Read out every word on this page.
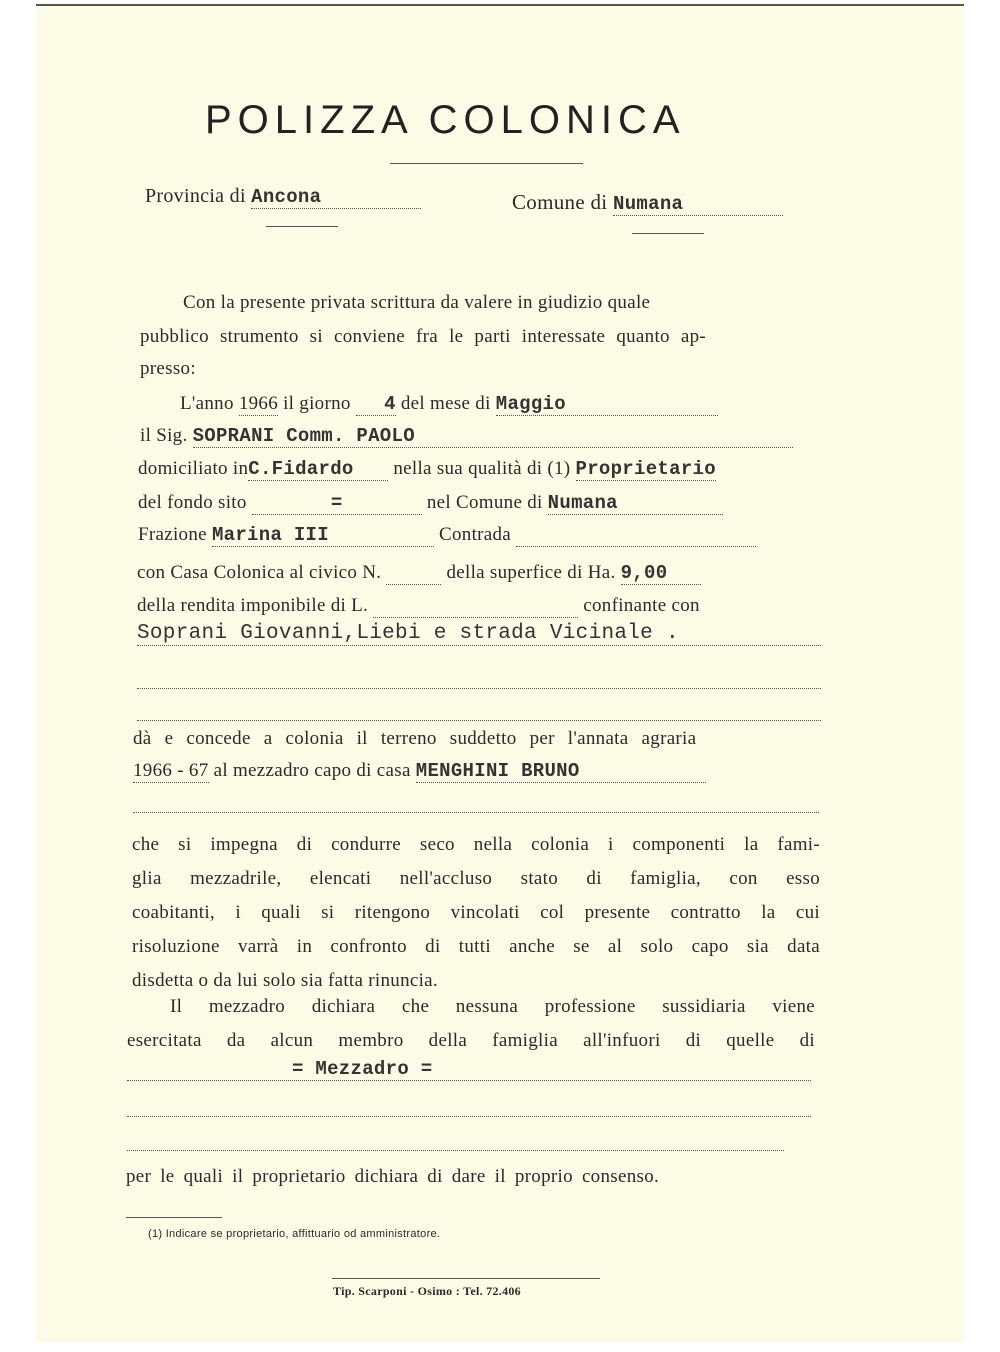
POLIZZA COLONICA
Provincia di Ancona	Comune di Numana
Con la presente privata scrittura da valere in giudizio quale
pubblico strumento si conviene fra le parti interessate quanto ap-
presso:
L'anno 1966 il giorno 4 del mese di Maggio
il Sig. SOPRANI Comm. PAOLO
domiciliato inC.Fidardo nella sua qualità di (1) Proprietario
del fondo sito	=	nel Comune di Numana
Frazione Marina III	Contrada
con Casa Colonica al civico N.	della superfice di Ha. 9,00
della rendita imponibile di L.	confinante con
Soprani Giovanni,Liebi e strada Vicinale .

dà e concede a colonia il terreno suddetto per l'annata agraria
1966 - 67 al mezzadro capo di casa MENGHINI BRUNO

che si impegna di condurre seco nella colonia i componenti la fami-
glia mezzadrile, elencati nell'accluso stato di famiglia, con esso
coabitanti, i quali si ritengono vincolati col presente contratto la cui
risoluzione varrà in confronto di tutti anche se al solo capo sia data
disdetta o da lui solo sia fatta rinuncia.
Il mezzadro dichiara che nessuna professione sussidiaria viene
esercitata da alcun membro della famiglia all'infuori di quelle di
= Mezzadro =

per le quali il proprietario dichiara di dare il proprio consenso.
(1) Indicare se proprietario, affittuario od amministratore.
Tip. Scarponi - Osimo : Tel. 72.406
